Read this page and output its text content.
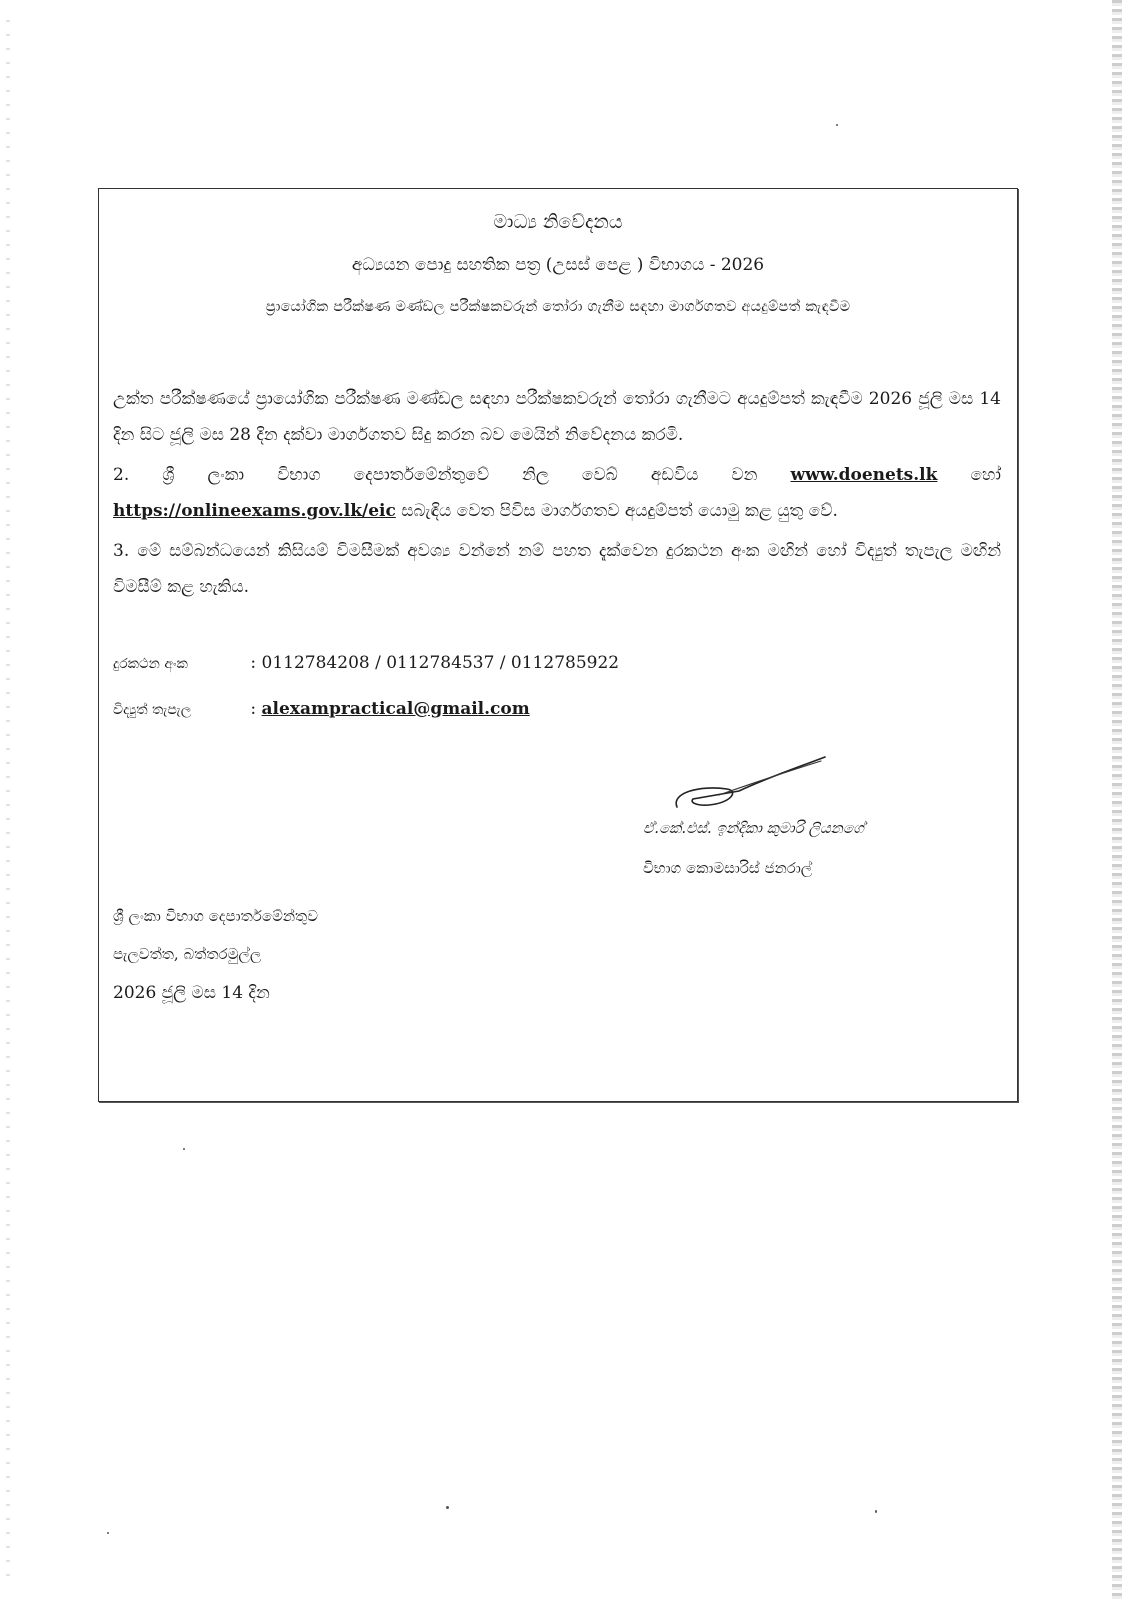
මාධ්‍ය නිවේදනය
අධ්‍යයන පොදු සහතික පත්‍ර (උසස් පෙළ ) විභාගය - 2026
ප්‍රායෝගික පරීක්ෂණ මණ්ඩල පරීක්ෂකවරුන් තෝරා ගැනීම සඳහා මාර්ගගතව අයදුම්පත් කැඳවීම
උක්ත පරීක්ෂණයේ ප්‍රායෝගික පරීක්ෂණ මණ්ඩල සඳහා පරීක්ෂකවරුන් තෝරා ගැනීමට අයදුම්පත් කැඳවීම 2026 ජූලි මස 14 දින සිට ජූලි මස 28 දින දක්වා මාර්ගගතව සිදු කරන බව මෙයින් නිවේදනය කරමි.
2. ශ්‍රී ලංකා විභාග දෙපාර්තමේන්තුවේ නිල වෙබ් අඩවිය වන www.doenets.lk හෝ https://onlineexams.gov.lk/eic සබැඳිය වෙත පිවිස මාර්ගගතව අයදුම්පත් යොමු කළ යුතු වේ.
3. මේ සම්බන්ධයෙන් කිසියම් විමසීමක් අවශ්‍ය වන්නේ නම් පහත දැක්වෙන දුරකථන අංක මඟින් හෝ විද්‍යුත් තැපැල මඟින් විමසීම් කළ හැකිය.
දුරකථන අංක	: 0112784208 / 0112784537 / 0112785922
විද්‍යුත් තැපැල	: alexampractical@gmail.com
ඒ.කේ.එස්. ඉන්දිකා කුමාරි ලියනගේ
විභාග කොමසාරිස් ජනරාල්
ශ්‍රී ලංකා විභාග දෙපාර්තමේන්තුව
පැලවත්ත, බත්තරමුල්ල
2026 ජූලි මස 14 දින
